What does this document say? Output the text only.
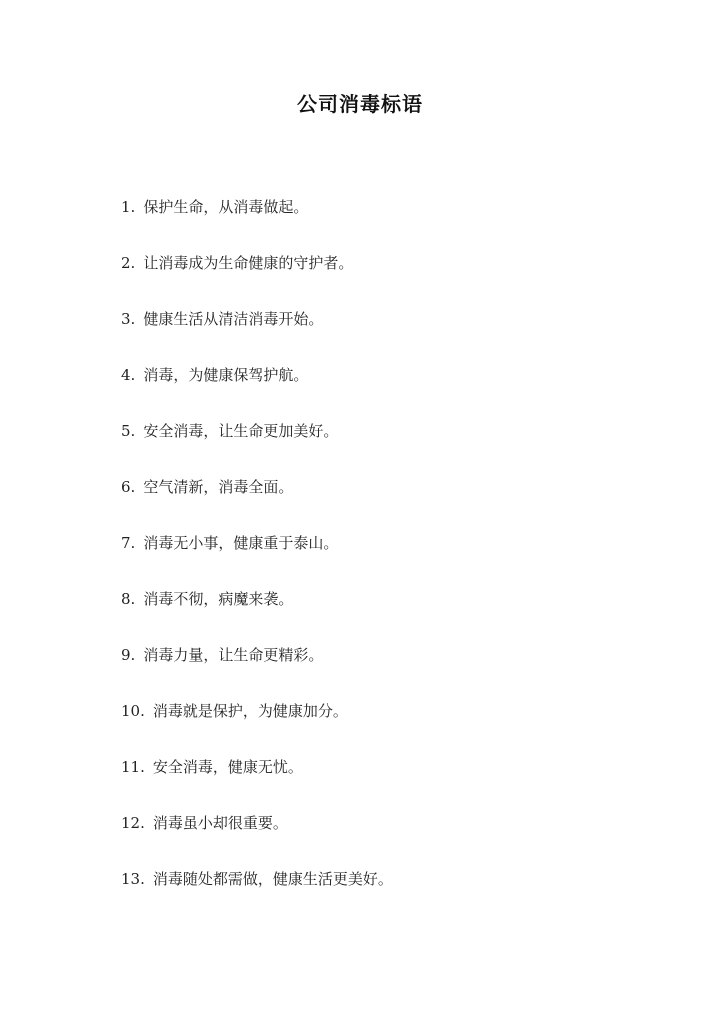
公司消毒标语
1. 保护生命，从消毒做起。
2. 让消毒成为生命健康的守护者。
3. 健康生活从清洁消毒开始。
4. 消毒，为健康保驾护航。
5. 安全消毒，让生命更加美好。
6. 空气清新，消毒全面。
7. 消毒无小事，健康重于泰山。
8. 消毒不彻，病魔来袭。
9. 消毒力量，让生命更精彩。
10. 消毒就是保护，为健康加分。
11. 安全消毒，健康无忧。
12. 消毒虽小却很重要。
13. 消毒随处都需做，健康生活更美好。
